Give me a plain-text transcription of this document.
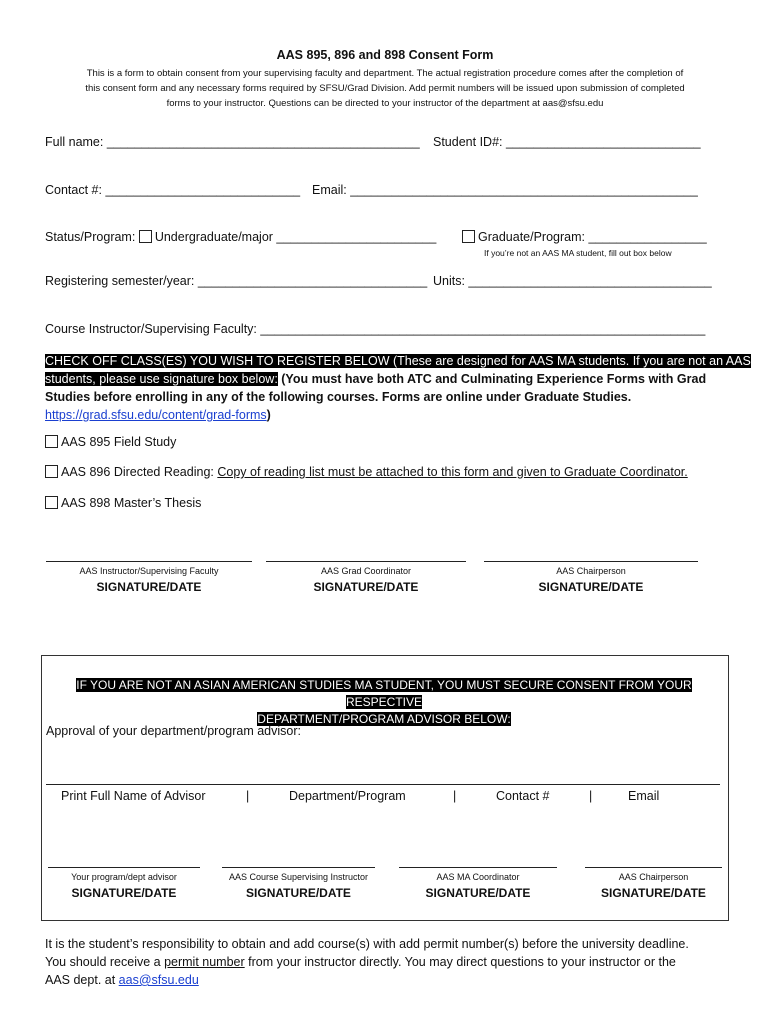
AAS 895, 896 and 898 Consent Form
This is a form to obtain consent from your supervising faculty and department. The actual registration procedure comes after the completion of
this consent form and any necessary forms required by SFSU/Grad Division. Add permit numbers will be issued upon submission of completed
forms to your instructor. Questions can be directed to your instructor of the department at aas@sfsu.edu
Full name: _____________________________________________ Student ID#: ____________________________
Contact #: ____________________________ Email: __________________________________________________
Status/Program: Undergraduate/major _______________________	Graduate/Program: _________________
If you’re not an AAS MA student, fill out box below
Registering semester/year: _________________________________ Units: ___________________________________
Course Instructor/Supervising Faculty: ________________________________________________________________
CHECK OFF CLASS(ES) YOU WISH TO REGISTER BELOW (These are designed for AAS MA students. If you are not an AAS
students, please use signature box below: (You must have both ATC and Culminating Experience Forms with Grad
Studies before enrolling in any of the following courses. Forms are online under Graduate Studies.
https://grad.sfsu.edu/content/grad-forms)
AAS 895 Field Study
AAS 896 Directed Reading: Copy of reading list must be attached to this form and given to Graduate Coordinator.
AAS 898 Master’s Thesis
AAS Instructor/Supervising Faculty
SIGNATURE/DATE
AAS Grad Coordinator
SIGNATURE/DATE
AAS Chairperson
SIGNATURE/DATE
IF YOU ARE NOT AN ASIAN AMERICAN STUDIES MA STUDENT, YOU MUST SECURE CONSENT FROM YOUR RESPECTIVE
DEPARTMENT/PROGRAM ADVISOR BELOW:
Approval of your department/program advisor:
Print Full Name of Advisor	|	Department/Program	|	Contact #	|	Email
Your program/dept advisor
SIGNATURE/DATE
AAS Course Supervising Instructor
SIGNATURE/DATE
AAS MA Coordinator
SIGNATURE/DATE
AAS Chairperson
SIGNATURE/DATE
It is the student’s responsibility to obtain and add course(s) with add permit number(s) before the university deadline.
You should receive a permit number from your instructor directly. You may direct questions to your instructor or the
AAS dept. at aas@sfsu.edu
